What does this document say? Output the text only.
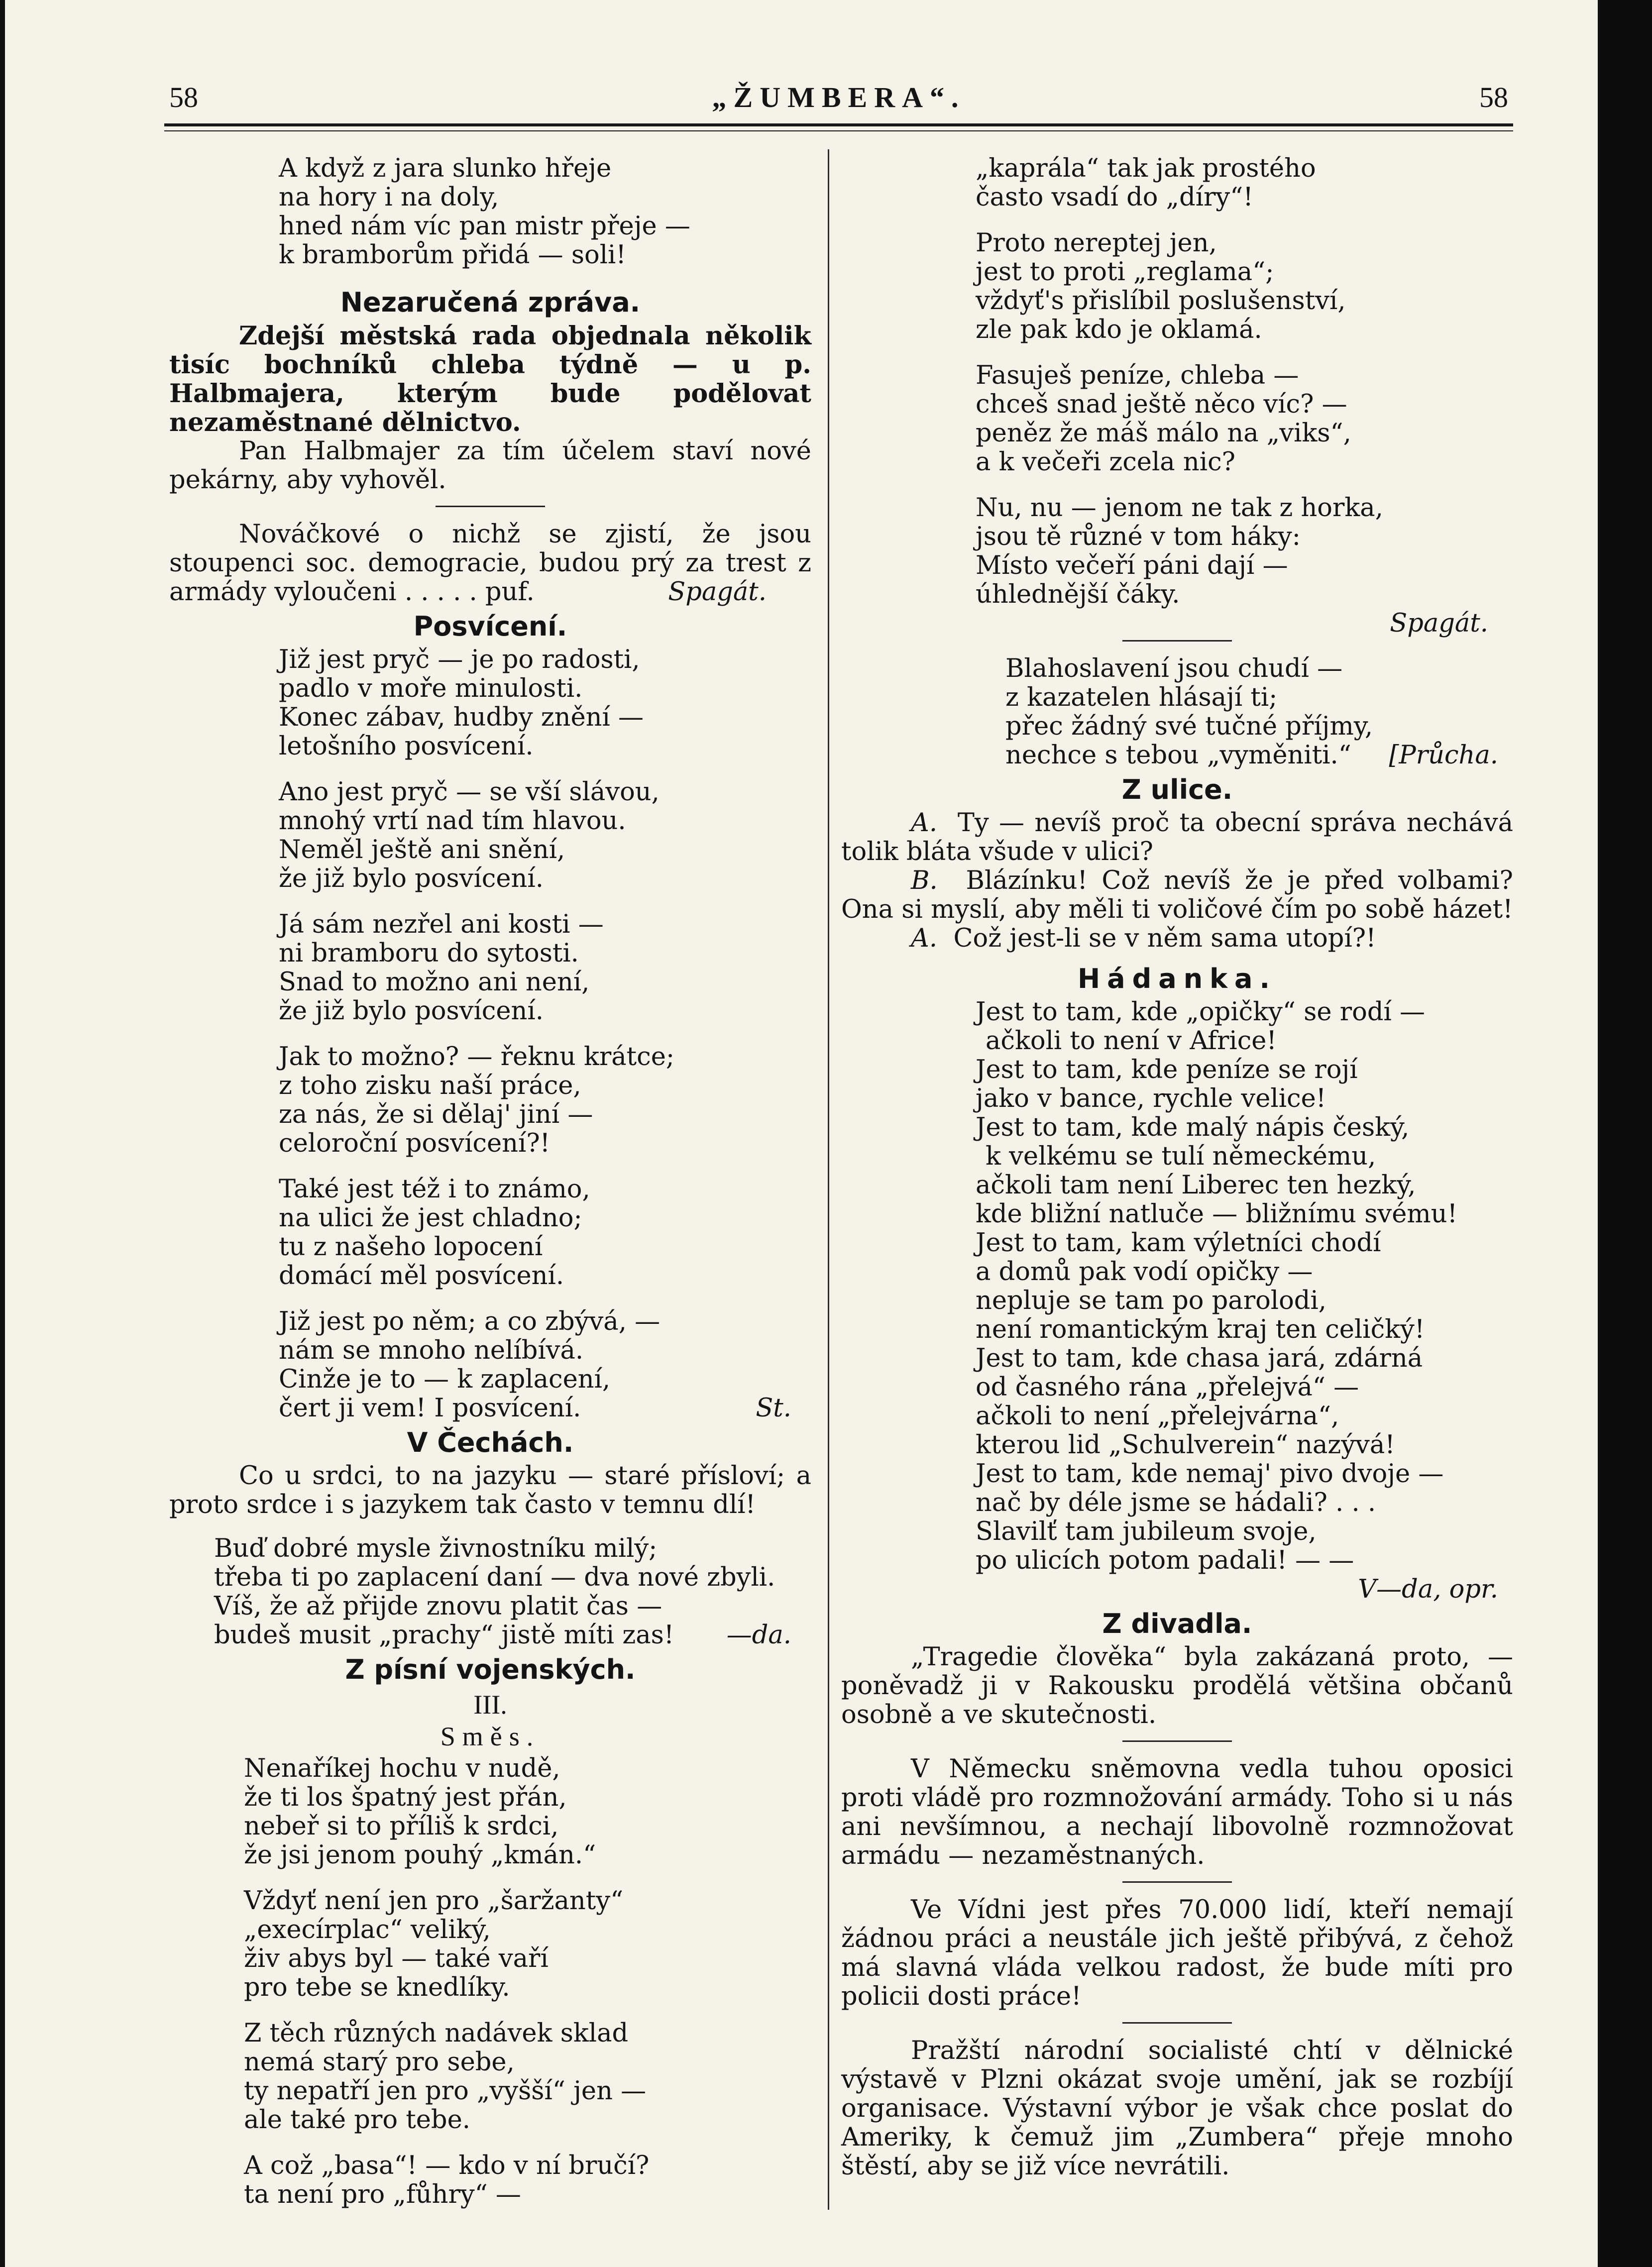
58	„ŽUMBERA“.	58
A když z jara slunko hřeje
na hory i na doly,
hned nám víc pan mistr přeje —
k bramborům přidá — soli!
Nezaručená zpráva.

Zdejší městská rada objednala několik tisíc bochníků chleba týdně — u p. Halbmajera, kterým bude podělovat nezaměstnané dělnictvo.

Pan Halbmajer za tím účelem staví nové pekárny, aby vyhověl.

Nováčkové o nichž se zjistí, že jsou stoupenci soc. demogracie, budou prý za trest z armády vyloučeni . . . . . puf.	Spagát.
Posvícení.
Již jest pryč — je po radosti,
padlo v moře minulosti.
Konec zábav, hudby znění —
letošního posvícení.
Ano jest pryč — se vší slávou,
mnohý vrtí nad tím hlavou.
Neměl ještě ani snění,
že již bylo posvícení.
Já sám nezřel ani kosti —
ni bramboru do sytosti.
Snad to možno ani není,
že již bylo posvícení.
Jak to možno? — řeknu krátce;
z toho zisku naší práce,
za nás, že si dělaj' jiní —
celoroční posvícení?!
Také jest též i to známo,
na ulici že jest chladno;
tu z našeho lopocení
domácí měl posvícení.
Již jest po něm; a co zbývá, —
nám se mnoho nelíbívá.
Cinže je to — k zaplacení,
čert ji vem! I posvícení.	St.
V Čechách.

Co u srdci, to na jazyku — staré přísloví; a proto srdce i s jazykem tak často v temnu dlí!

Buď dobré mysle živnostníku milý;
třeba ti po zaplacení daní — dva nové zbyli.
Víš, že až přijde znovu platit čas —
budeš musit „prachy“ jistě míti zas! —da.
Z písní vojenských.
III.
Směs.
Nenaříkej hochu v nudě,
že ti los špatný jest přán,
nebeř si to příliš k srdci,
že jsi jenom pouhý „kmán.“
Vždyť není jen pro „šaržanty“
„execírplac“ veliký,
živ abys byl — také vaří
pro tebe se knedlíky.
Z těch různých nadávek sklad
nemá starý pro sebe,
ty nepatří jen pro „vyšší“ jen —
ale také pro tebe.
A což „basa“! — kdo v ní bručí?
ta není pro „fůhry“ —
„kaprála“ tak jak prostého
často vsadí do „díry“!
Proto nereptej jen,
jest to proti „reglama“;
vždyť's přislíbil poslušenství,
zle pak kdo je oklamá.
Fasuješ peníze, chleba —
chceš snad ještě něco víc? —
peněz že máš málo na „viks“,
a k večeři zcela nic?
Nu, nu — jenom ne tak z horka,
jsou tě různé v tom háky:
Místo večeří páni dají —
úhlednější čáky.
Spagát.
Blahoslavení jsou chudí —
z kazatelen hlásají ti;
přec žádný své tučné příjmy,
nechce s tebou „vyměniti.“ [Průcha.
Z ulice.

A. Ty — nevíš proč ta obecní správa nechává tolik bláta všude v ulici?

B. Blázínku! Což nevíš že je před volbami? Ona si myslí, aby měli ti voličové čím po sobě házet!

A. Což jest-li se v něm sama utopí?!

Hádanka.
Jest to tam, kde „opičky“ se rodí —
ačkoli to není v Africe!
Jest to tam, kde peníze se rojí
jako v bance, rychle velice!
Jest to tam, kde malý nápis český,
k velkému se tulí německému,
ačkoli tam není Liberec ten hezký,
kde bližní natluče — bližnímu svému!
Jest to tam, kam výletníci chodí
a domů pak vodí opičky —
nepluje se tam po parolodi,
není romantickým kraj ten celičký!
Jest to tam, kde chasa jará, zdárná
od časného rána „přelejvá“ —
ačkoli to není „přelejvárna“,
kterou lid „Schulverein“ nazývá!
Jest to tam, kde nemaj' pivo dvoje —
nač by déle jsme se hádali? . . .
Slavilť tam jubileum svoje,
po ulicích potom padali! — —
V—da, opr.
Z divadla.

„Tragedie člověka“ byla zakázaná proto, — poněvadž ji v Rakousku prodělá většina občanů osobně a ve skutečnosti.

V Německu sněmovna vedla tuhou oposici proti vládě pro rozmnožování armády. Toho si u nás ani nevšímnou, a nechají libovolně rozmnožovat armádu — nezaměstnaných.

Ve Vídni jest přes 70.000 lidí, kteří nemají žádnou práci a neustále jich ještě přibývá, z čehož má slavná vláda velkou radost, že bude míti pro policii dosti práce!

Pražští národní socialisté chtí v dělnické výstavě v Plzni okázat svoje umění, jak se rozbíjí organisace. Výstavní výbor je však chce poslat do Ameriky, k čemuž jim „Zumbera“ přeje mnoho štěstí, aby se již více nevrátili.
